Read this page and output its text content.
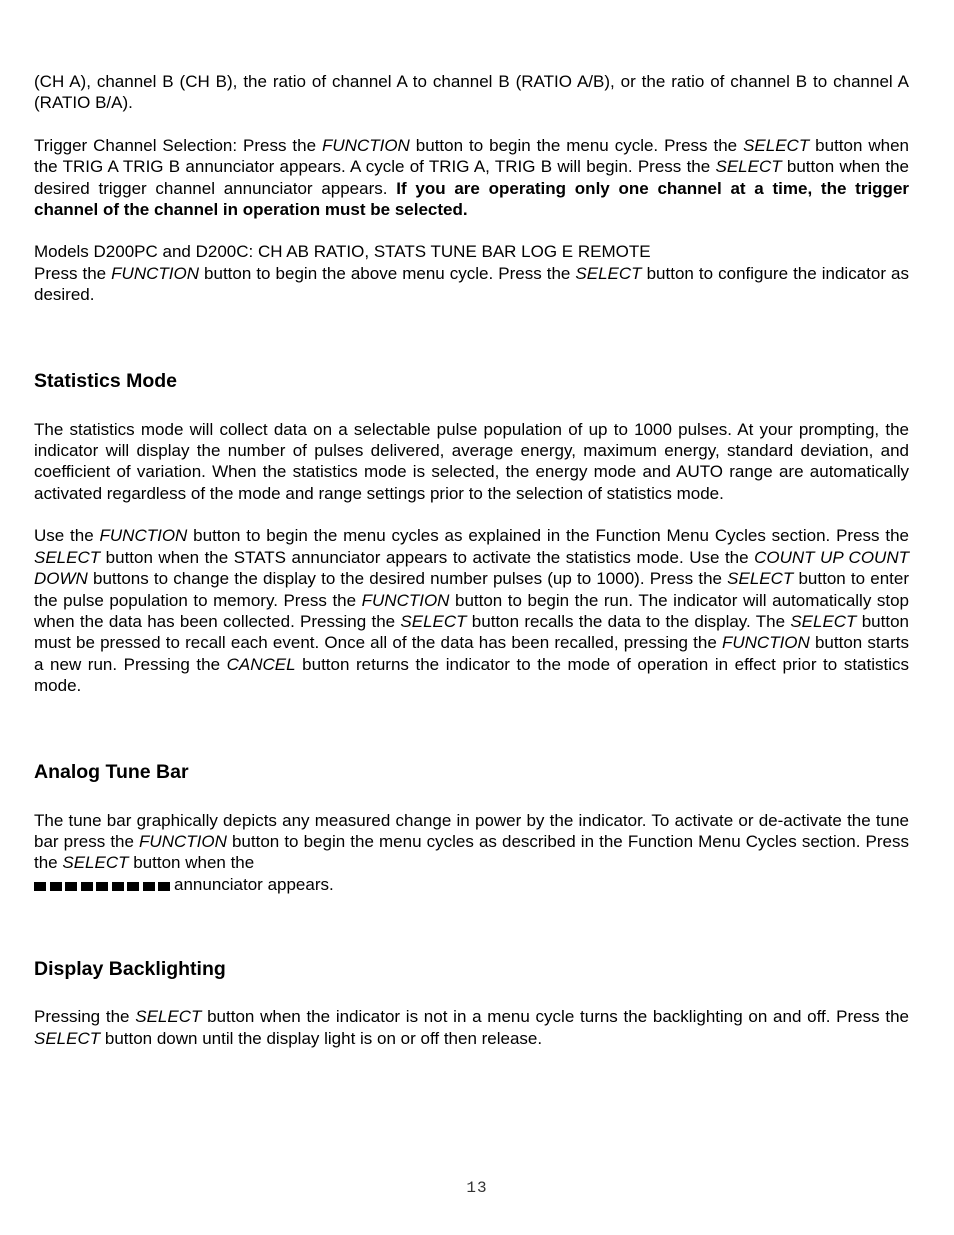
(CH A), channel B (CH B), the ratio of channel A to channel B (RATIO A/B), or the ratio of channel B to channel A (RATIO B/A).

Trigger Channel Selection: Press the FUNCTION button to begin the menu cycle. Press the SELECT button when the TRIG A TRIG B annunciator appears. A cycle of TRIG A, TRIG B will begin. Press the SELECT button when the desired trigger channel annunciator appears. If you are operating only one channel at a time, the trigger channel of the channel in operation must be selected.

Models D200PC and D200C: CH AB RATIO, STATS TUNE BAR LOG E REMOTE

Press the FUNCTION button to begin the above menu cycle. Press the SELECT button to configure the indicator as desired.

Statistics Mode

The statistics mode will collect data on a selectable pulse population of up to 1000 pulses. At your prompting, the indicator will display the number of pulses delivered, average energy, maximum energy, standard deviation, and coefficient of variation. When the statistics mode is selected, the energy mode and AUTO range are automatically activated regardless of the mode and range settings prior to the selection of statistics mode.

Use the FUNCTION button to begin the menu cycles as explained in the Function Menu Cycles section. Press the SELECT button when the STATS annunciator appears to activate the statistics mode. Use the COUNT UP COUNT DOWN buttons to change the display to the desired number pulses (up to 1000). Press the SELECT button to enter the pulse population to memory. Press the FUNCTION button to begin the run. The indicator will automatically stop when the data has been collected. Pressing the SELECT button recalls the data to the display. The SELECT button must be pressed to recall each event. Once all of the data has been recalled, pressing the FUNCTION button starts a new run. Pressing the CANCEL button returns the indicator to the mode of operation in effect prior to statistics mode.

Analog Tune Bar

The tune bar graphically depicts any measured change in power by the indicator. To activate or de-activate the tune bar press the FUNCTION button to begin the menu cycles as described in the Function Menu Cycles section. Press the SELECT button when the

annunciator appears.

Display Backlighting

Pressing the SELECT button when the indicator is not in a menu cycle turns the backlighting on and off. Press the SELECT button down until the display light is on or off then release.

13
